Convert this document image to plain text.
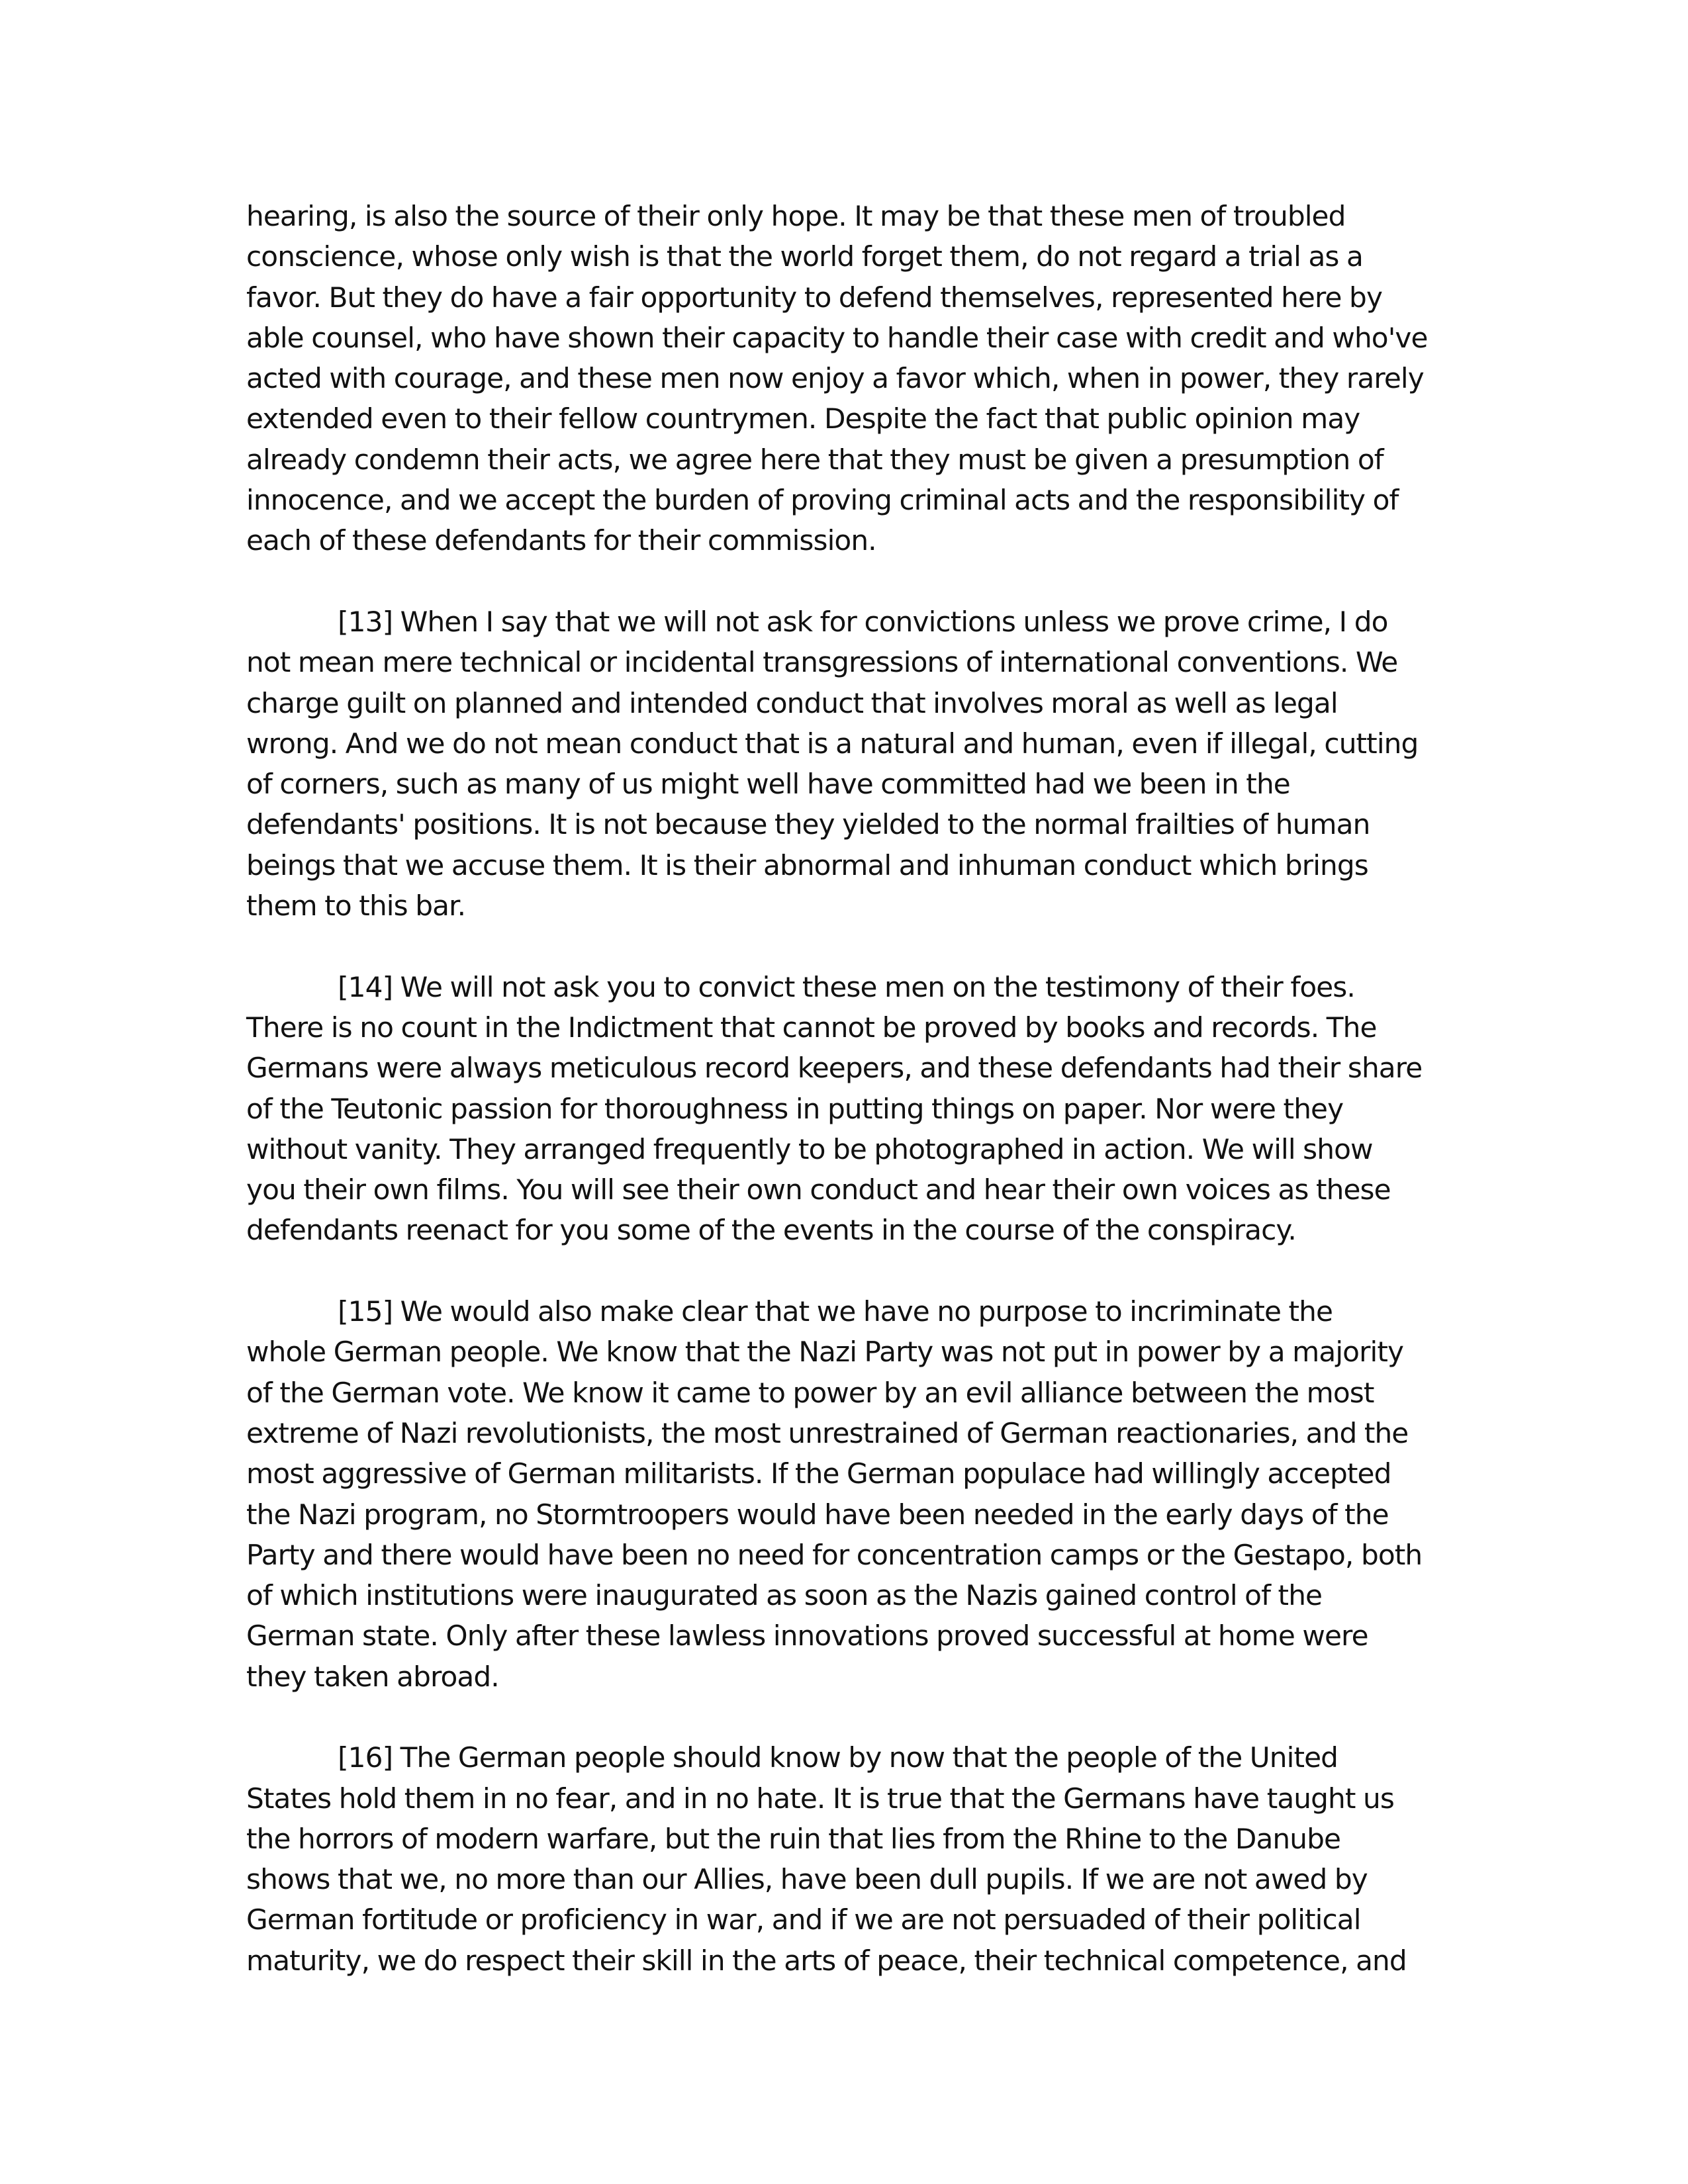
hearing, is also the source of their only hope. It may be that these men of troubled
conscience, whose only wish is that the world forget them, do not regard a trial as a
favor. But they do have a fair opportunity to defend themselves, represented here by
able counsel, who have shown their capacity to handle their case with credit and who've
acted with courage, and these men now enjoy a favor which, when in power, they rarely
extended even to their fellow countrymen. Despite the fact that public opinion may
already condemn their acts, we agree here that they must be given a presumption of
innocence, and we accept the burden of proving criminal acts and the responsibility of
each of these defendants for their commission.

[13] When I say that we will not ask for convictions unless we prove crime, I do
not mean mere technical or incidental transgressions of international conventions. We
charge guilt on planned and intended conduct that involves moral as well as legal
wrong. And we do not mean conduct that is a natural and human, even if illegal, cutting
of corners, such as many of us might well have committed had we been in the
defendants' positions. It is not because they yielded to the normal frailties of human
beings that we accuse them. It is their abnormal and inhuman conduct which brings
them to this bar.

[14] We will not ask you to convict these men on the testimony of their foes.
There is no count in the Indictment that cannot be proved by books and records. The
Germans were always meticulous record keepers, and these defendants had their share
of the Teutonic passion for thoroughness in putting things on paper. Nor were they
without vanity. They arranged frequently to be photographed in action. We will show
you their own films. You will see their own conduct and hear their own voices as these
defendants reenact for you some of the events in the course of the conspiracy.

[15] We would also make clear that we have no purpose to incriminate the
whole German people. We know that the Nazi Party was not put in power by a majority
of the German vote. We know it came to power by an evil alliance between the most
extreme of Nazi revolutionists, the most unrestrained of German reactionaries, and the
most aggressive of German militarists. If the German populace had willingly accepted
the Nazi program, no Stormtroopers would have been needed in the early days of the
Party and there would have been no need for concentration camps or the Gestapo, both
of which institutions were inaugurated as soon as the Nazis gained control of the
German state. Only after these lawless innovations proved successful at home were
they taken abroad.

[16] The German people should know by now that the people of the United
States hold them in no fear, and in no hate. It is true that the Germans have taught us
the horrors of modern warfare, but the ruin that lies from the Rhine to the Danube
shows that we, no more than our Allies, have been dull pupils. If we are not awed by
German fortitude or proficiency in war, and if we are not persuaded of their political
maturity, we do respect their skill in the arts of peace, their technical competence, and
